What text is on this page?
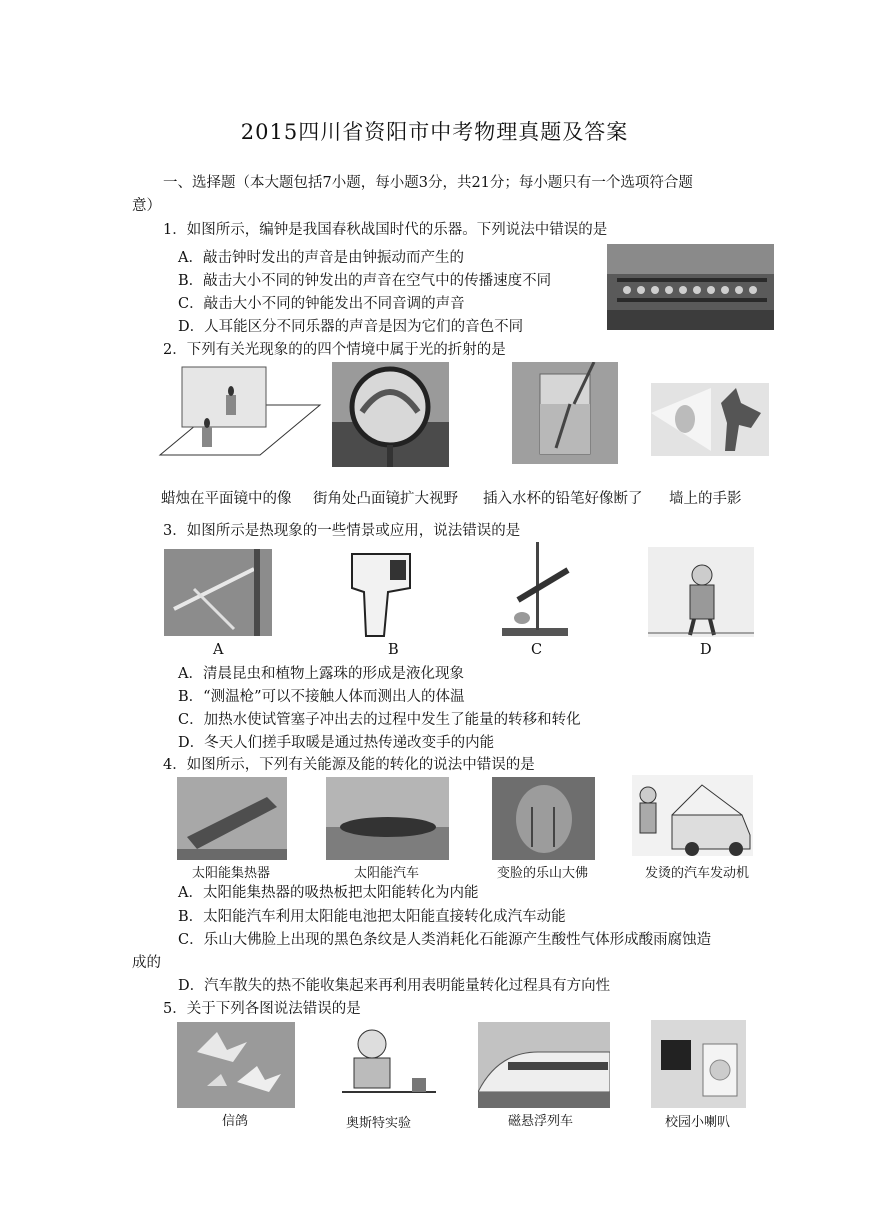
2015四川省资阳市中考物理真题及答案
一、选择题（本大题包括7小题，每小题3分，共21分；每小题只有一个选项符合题
意）
1．如图所示，编钟是我国春秋战国时代的乐器。下列说法中错误的是
A．敲击钟时发出的声音是由钟振动而产生的
B．敲击大小不同的钟发出的声音在空气中的传播速度不同
C．敲击大小不同的钟能发出不同音调的声音
D．人耳能区分不同乐器的声音是因为它们的音色不同
2．下列有关光现象的的四个情境中属于光的折射的是
蜡烛在平面镜中的像 街角处凸面镜扩大视野 插入水杯的铅笔好像断了 墙上的手影
3．如图所示是热现象的一些情景或应用，说法错误的是
A	B	C	D
A．清晨昆虫和植物上露珠的形成是液化现象
B．“测温枪”可以不接触人体而测出人的体温
C．加热水使试管塞子冲出去的过程中发生了能量的转移和转化
D．冬天人们搓手取暖是通过热传递改变手的内能
4．如图所示，下列有关能源及能的转化的说法中错误的是
太阳能集热器	太阳能汽车	变脸的乐山大佛	发烫的汽车发动机
A．太阳能集热器的吸热板把太阳能转化为内能
B．太阳能汽车利用太阳能电池把太阳能直接转化成汽车动能
C．乐山大佛脸上出现的黑色条纹是人类消耗化石能源产生酸性气体形成酸雨腐蚀造
成的
D．汽车散失的热不能收集起来再利用表明能量转化过程具有方向性
5．关于下列各图说法错误的是
信鸽	奥斯特实验	磁悬浮列车	校园小喇叭
